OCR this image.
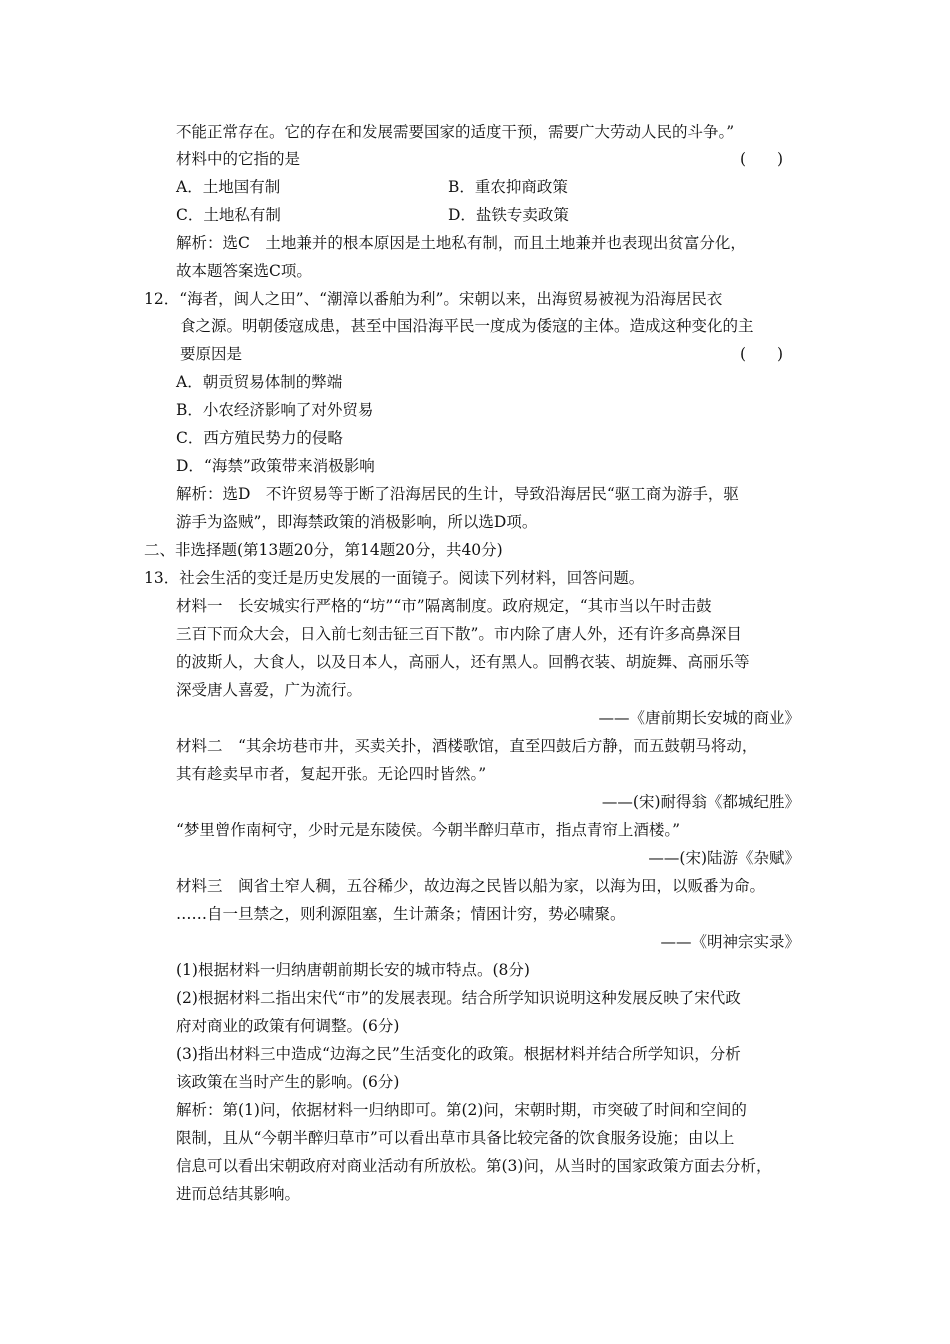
不能正常存在。它的存在和发展需要国家的适度干预，需要广大劳动人民的斗争。”
材料中的它指的是	(　　)
A．土地国有制	B．重农抑商政策
C．土地私有制	D．盐铁专卖政策
解析：选C　土地兼并的根本原因是土地私有制，而且土地兼并也表现出贫富分化，
故本题答案选C项。
12．“海者，闽人之田”、“潮漳以番舶为利”。宋朝以来，出海贸易被视为沿海居民衣
食之源。明朝倭寇成患，甚至中国沿海平民一度成为倭寇的主体。造成这种变化的主
要原因是	(　　)
A．朝贡贸易体制的弊端
B．小农经济影响了对外贸易
C．西方殖民势力的侵略
D．“海禁”政策带来消极影响
解析：选D　不许贸易等于断了沿海居民的生计，导致沿海居民“驱工商为游手，驱
游手为盗贼”，即海禁政策的消极影响，所以选D项。
二、非选择题(第13题20分，第14题20分，共40分)
13．社会生活的变迁是历史发展的一面镜子。阅读下列材料，回答问题。
材料一　长安城实行严格的“坊”“市”隔离制度。政府规定，“其市当以午时击鼓
三百下而众大会，日入前七刻击钲三百下散”。市内除了唐人外，还有许多高鼻深目
的波斯人，大食人，以及日本人，高丽人，还有黑人。回鹘衣装、胡旋舞、高丽乐等
深受唐人喜爱，广为流行。
——《唐前期长安城的商业》
材料二　“其余坊巷市井，买卖关扑，酒楼歌馆，直至四鼓后方静，而五鼓朝马将动，
其有趁卖早市者，复起开张。无论四时皆然。”
——(宋)耐得翁《都城纪胜》
“梦里曾作南柯守，少时元是东陵侯。今朝半醉归草市，指点青帘上酒楼。”
——(宋)陆游《杂赋》
材料三　闽省土窄人稠，五谷稀少，故边海之民皆以船为家，以海为田，以贩番为命。
……自一旦禁之，则利源阻塞，生计萧条；情困计穷，势必啸聚。
——《明神宗实录》
(1)根据材料一归纳唐朝前期长安的城市特点。(8分)
(2)根据材料二指出宋代“市”的发展表现。结合所学知识说明这种发展反映了宋代政
府对商业的政策有何调整。(6分)
(3)指出材料三中造成“边海之民”生活变化的政策。根据材料并结合所学知识，分析
该政策在当时产生的影响。(6分)
解析：第(1)问，依据材料一归纳即可。第(2)问，宋朝时期，市突破了时间和空间的
限制，且从“今朝半醉归草市”可以看出草市具备比较完备的饮食服务设施；由以上
信息可以看出宋朝政府对商业活动有所放松。第(3)问，从当时的国家政策方面去分析，
进而总结其影响。
